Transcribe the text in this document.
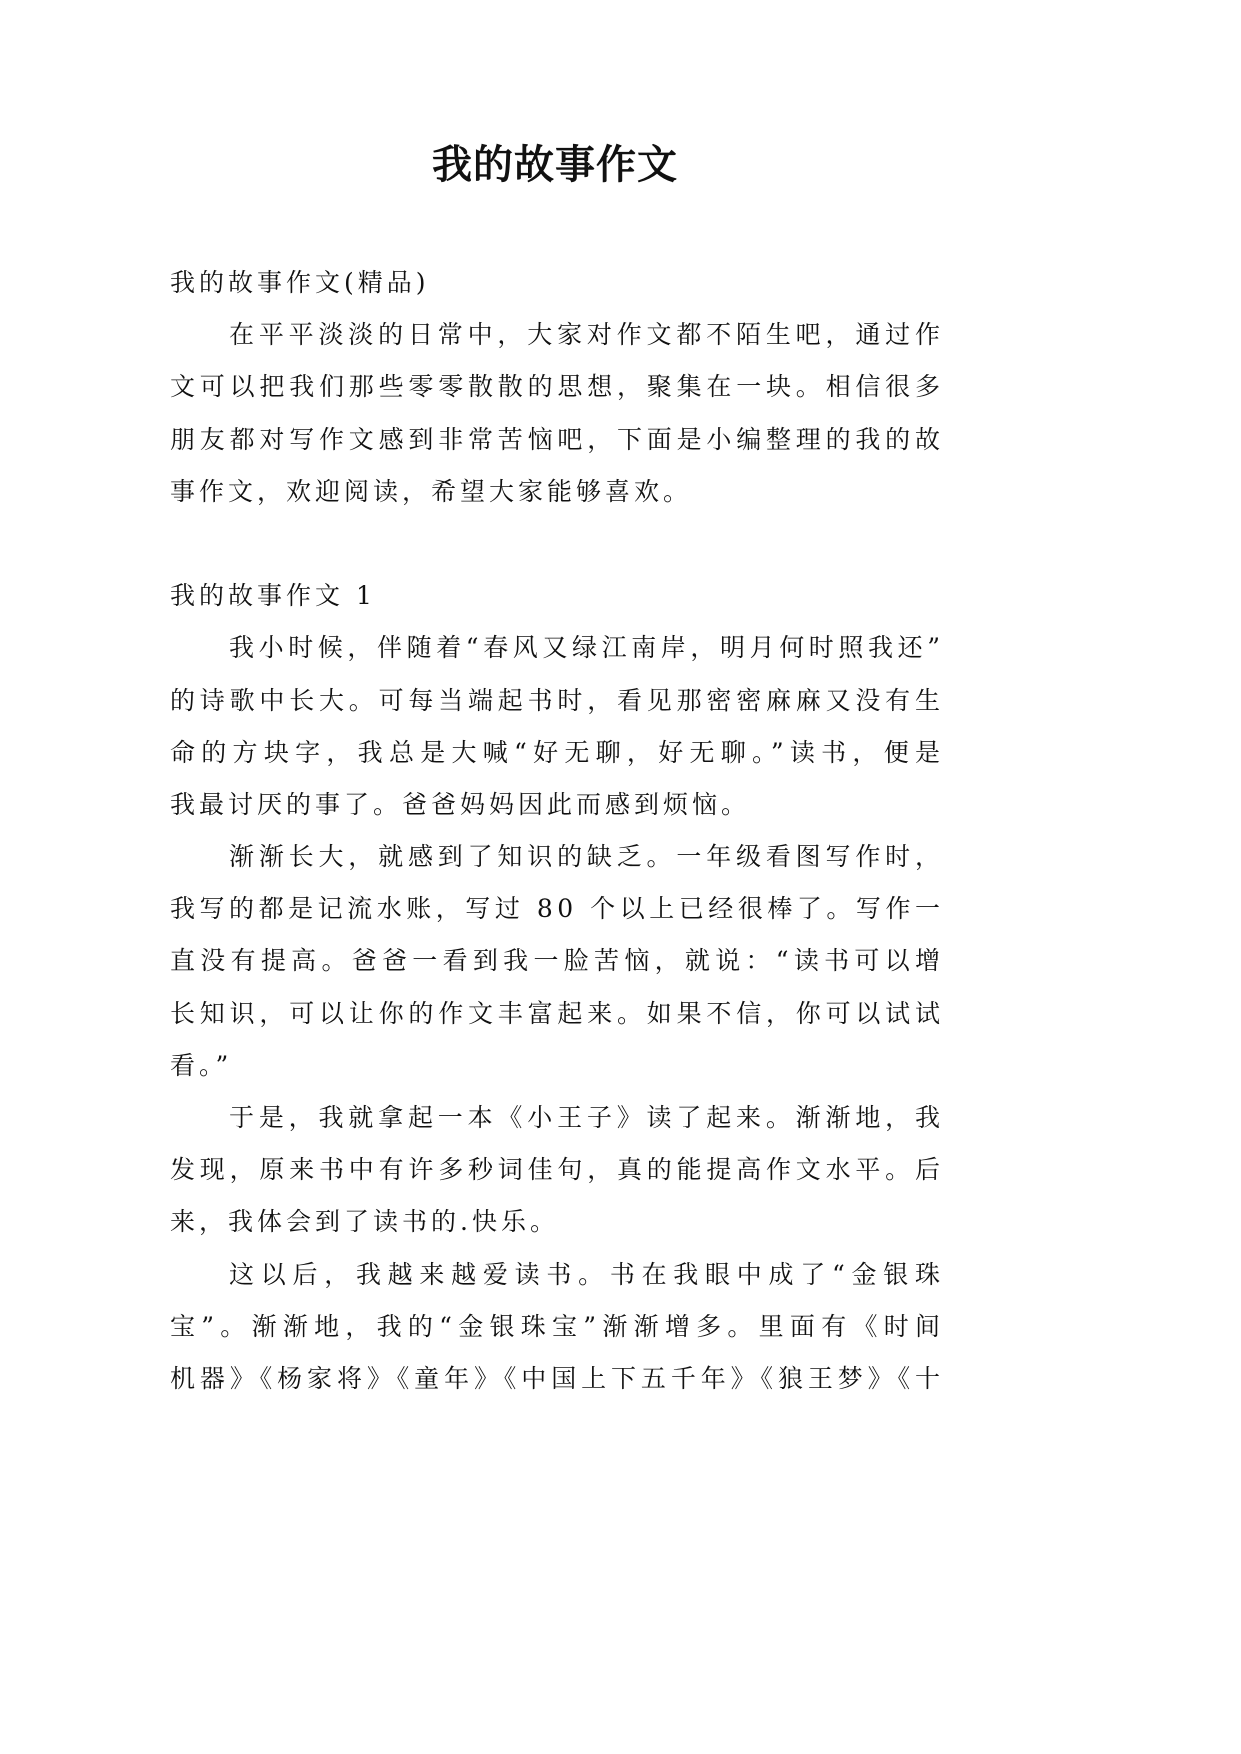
我的故事作文
我的故事作文(精品)
在平平淡淡的日常中，大家对作文都不陌生吧，通过作
文可以把我们那些零零散散的思想，聚集在一块。相信很多
朋友都对写作文感到非常苦恼吧，下面是小编整理的我的故
事作文，欢迎阅读，希望大家能够喜欢。
我的故事作文 1
我小时候，伴随着“春风又绿江南岸，明月何时照我还”
的诗歌中长大。可每当端起书时，看见那密密麻麻又没有生
命的方块字，我总是大喊“好无聊，好无聊。”读书，便是
我最讨厌的事了。爸爸妈妈因此而感到烦恼。
渐渐长大，就感到了知识的缺乏。一年级看图写作时，
我写的都是记流水账，写过 80 个以上已经很棒了。写作一
直没有提高。爸爸一看到我一脸苦恼，就说：“读书可以增
长知识，可以让你的作文丰富起来。如果不信，你可以试试
看。”
于是，我就拿起一本《小王子》读了起来。渐渐地，我
发现，原来书中有许多秒词佳句，真的能提高作文水平。后
来，我体会到了读书的.快乐。
这以后，我越来越爱读书。书在我眼中成了“金银珠
宝”。渐渐地，我的“金银珠宝”渐渐增多。里面有《时间
机器》《杨家将》《童年》《中国上下五千年》《狼王梦》《十
